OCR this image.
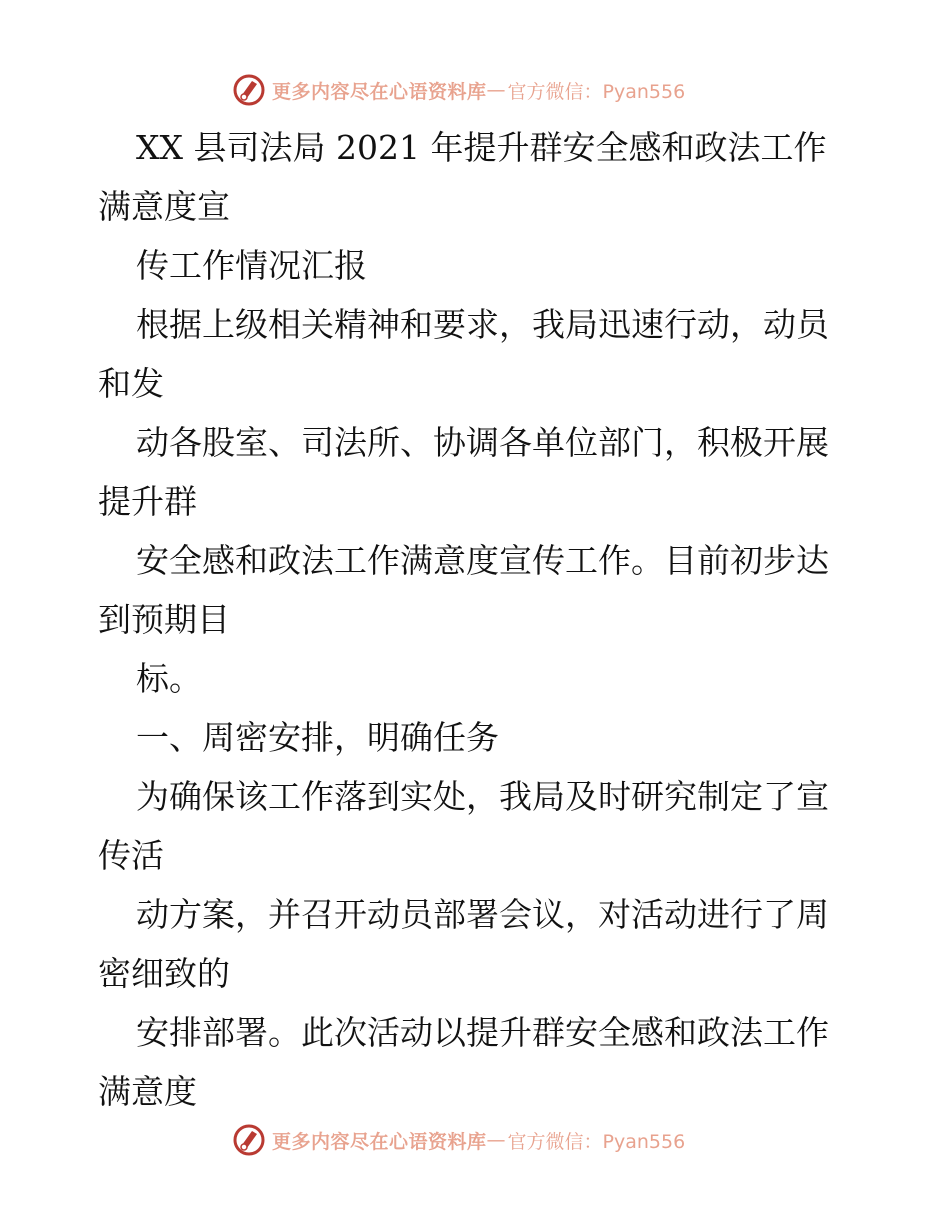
更多内容尽在心语资料库 — 官方微信：Pyan556

XX 县司法局 2021 年提升群安全感和政法工作

满意度宣

传工作情况汇报

根据上级相关精神和要求，我局迅速行动，动员

和发

动各股室、司法所、协调各单位部门，积极开展

提升群

安全感和政法工作满意度宣传工作。目前初步达

到预期目

标。

一、周密安排，明确任务

为确保该工作落到实处，我局及时研究制定了宣

传活

动方案，并召开动员部署会议，对活动进行了周

密细致的

安排部署。此次活动以提升群安全感和政法工作

满意度

更多内容尽在心语资料库 — 官方微信：Pyan556
